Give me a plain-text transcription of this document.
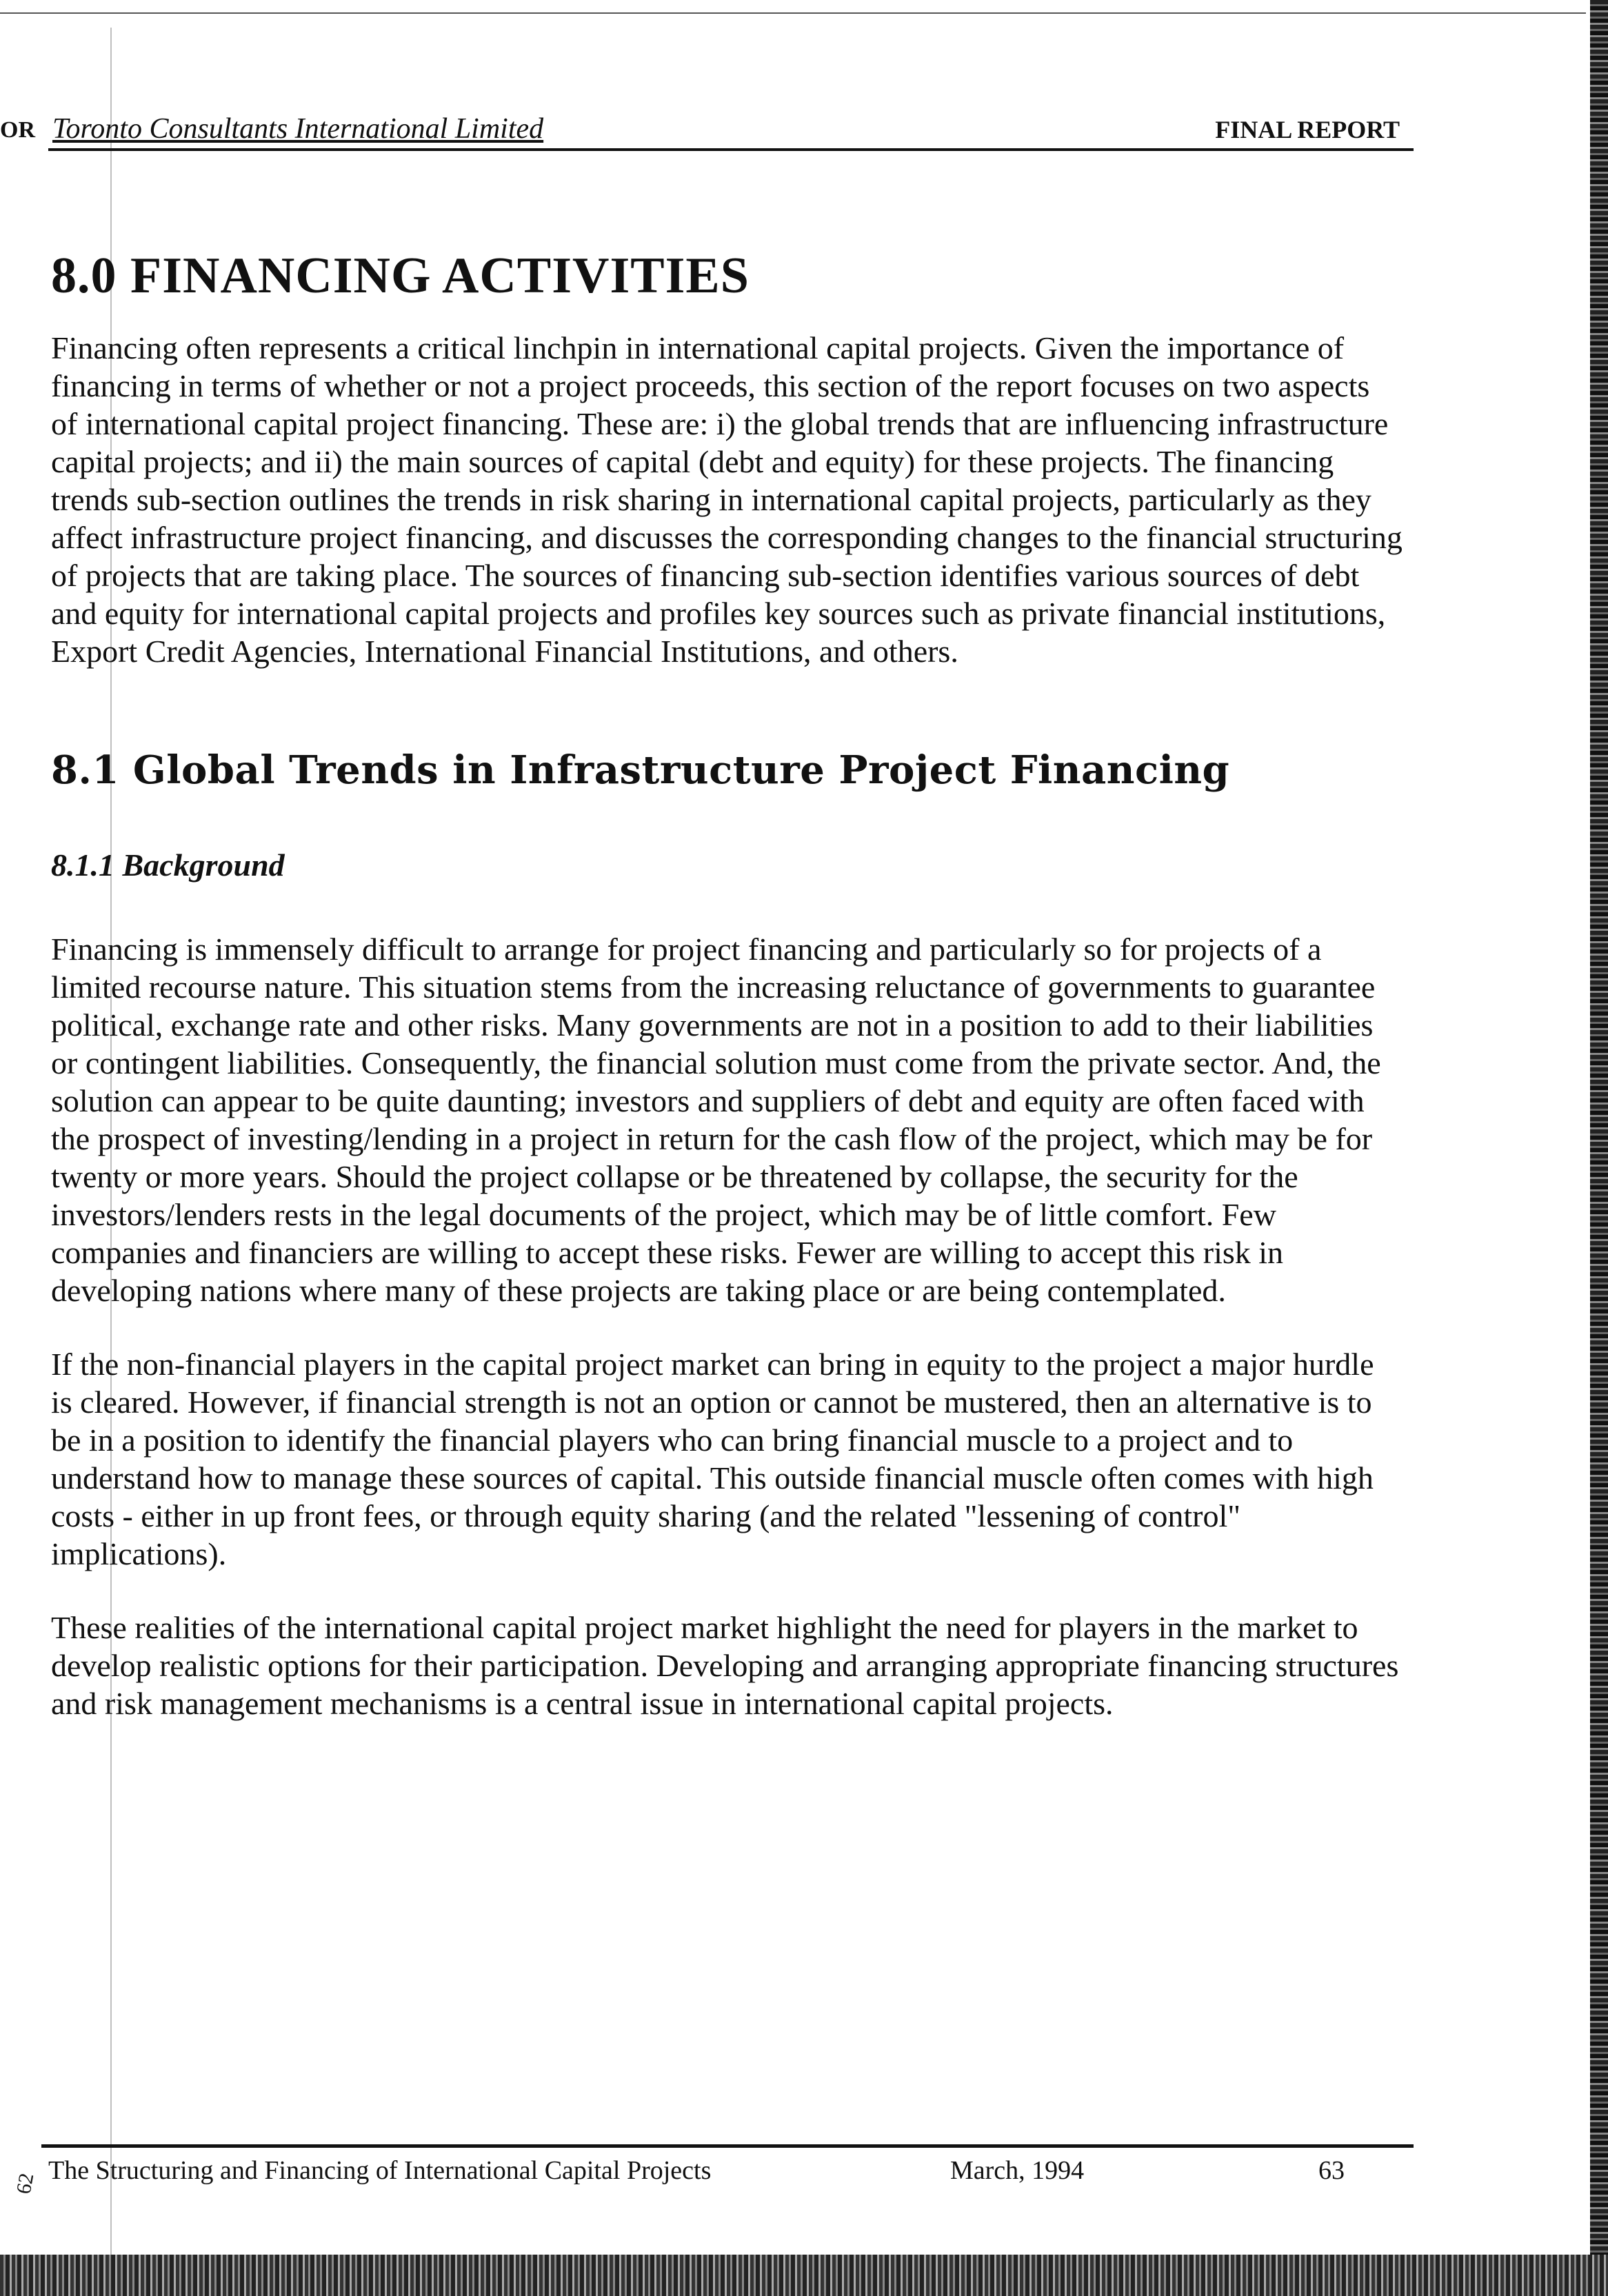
OR Toronto Consultants International Limited	FINAL REPORT
8.0 FINANCING ACTIVITIES

Financing often represents a critical linchpin in international capital projects. Given the importance of financing in terms of whether or not a project proceeds, this section of the report focuses on two aspects of international capital project financing. These are: i) the global trends that are influencing infrastructure capital projects; and ii) the main sources of capital (debt and equity) for these projects. The financing trends sub-section outlines the trends in risk sharing in international capital projects, particularly as they affect infrastructure project financing, and discusses the corresponding changes to the financial structuring of projects that are taking place. The sources of financing sub-section identifies various sources of debt and equity for international capital projects and profiles key sources such as private financial institutions, Export Credit Agencies, International Financial Institutions, and others.

8.1 Global Trends in Infrastructure Project Financing
8.1.1 Background

Financing is immensely difficult to arrange for project financing and particularly so for projects of a limited recourse nature. This situation stems from the increasing reluctance of governments to guarantee political, exchange rate and other risks. Many governments are not in a position to add to their liabilities or contingent liabilities. Consequently, the financial solution must come from the private sector. And, the solution can appear to be quite daunting; investors and suppliers of debt and equity are often faced with the prospect of investing/lending in a project in return for the cash flow of the project, which may be for twenty or more years. Should the project collapse or be threatened by collapse, the security for the investors/lenders rests in the legal documents of the project, which may be of little comfort. Few companies and financiers are willing to accept these risks. Fewer are willing to accept this risk in developing nations where many of these projects are taking place or are being contemplated.

If the non-financial players in the capital project market can bring in equity to the project a major hurdle is cleared. However, if financial strength is not an option or cannot be mustered, then an alternative is to be in a position to identify the financial players who can bring financial muscle to a project and to understand how to manage these sources of capital. This outside financial muscle often comes with high costs - either in up front fees, or through equity sharing (and the related "lessening of control" implications).

These realities of the international capital project market highlight the need for players in the market to develop realistic options for their participation. Developing and arranging appropriate financing structures and risk management mechanisms is a central issue in international capital projects.

The Structuring and Financing of International Capital Projects	March, 1994	63
62
